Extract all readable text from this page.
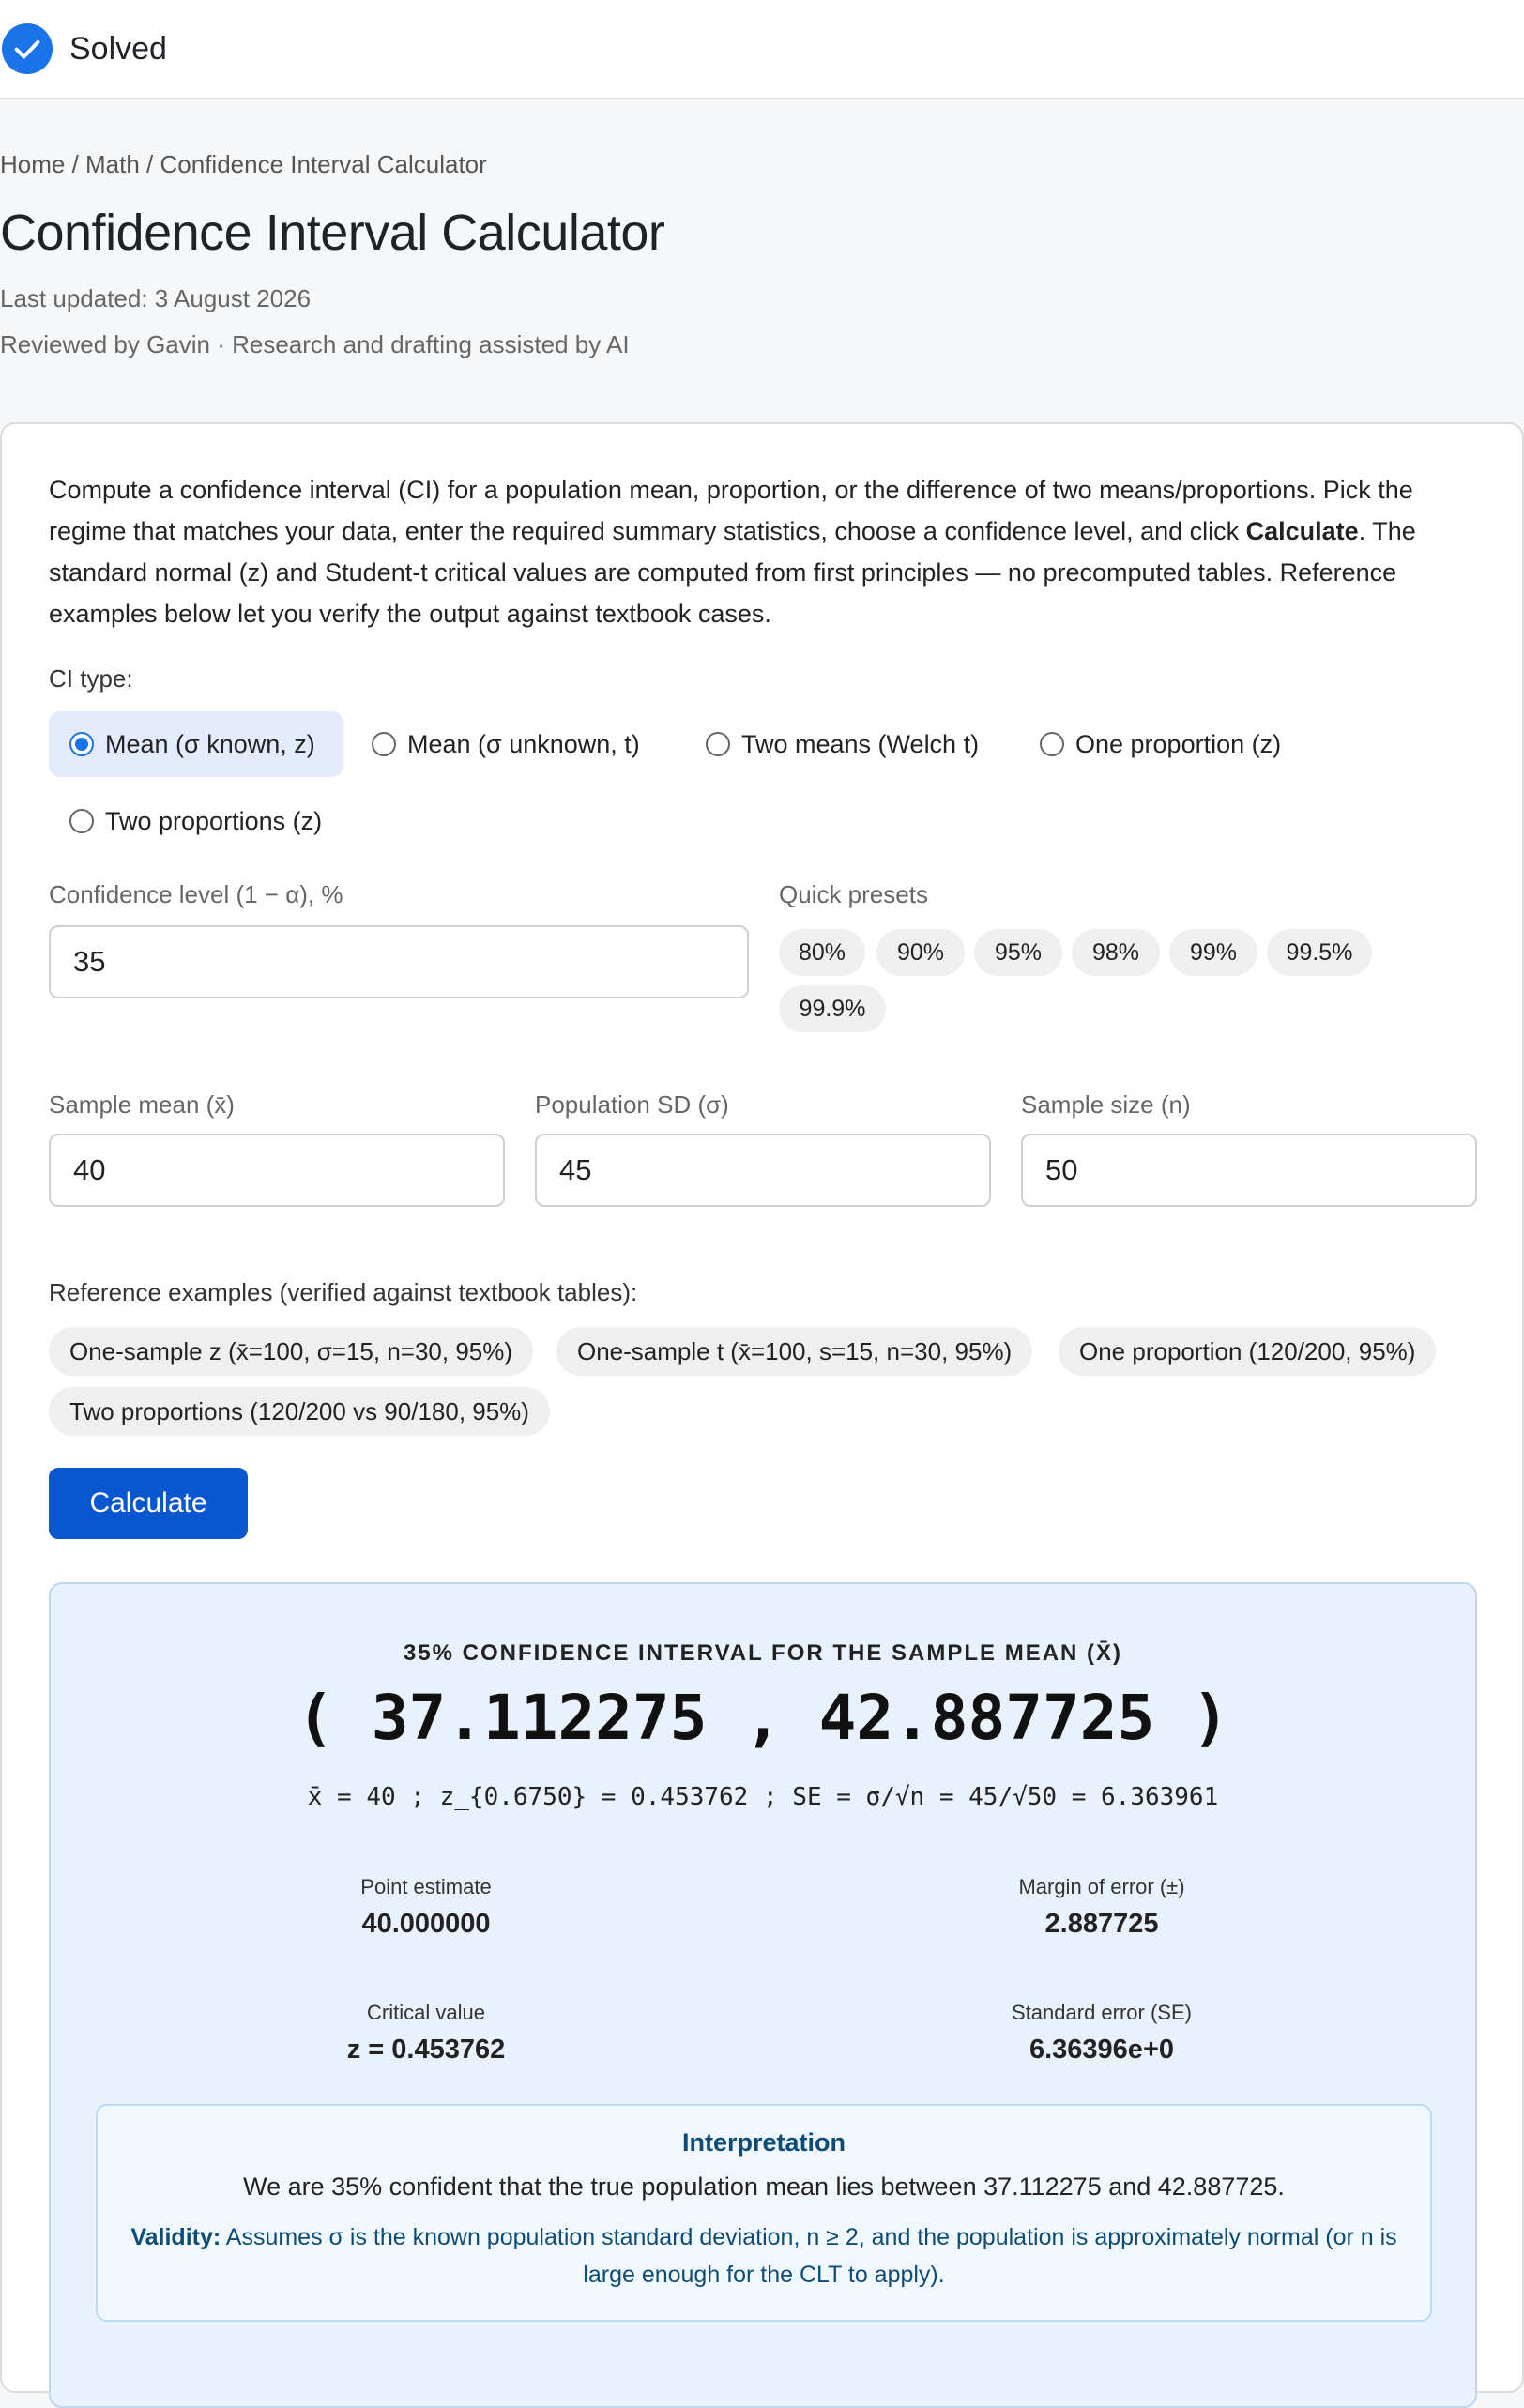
Solved
Home / Math / Confidence Interval Calculator
Confidence Interval Calculator
Last updated: 3 August 2026
Reviewed by Gavin · Research and drafting assisted by AI

Compute a confidence interval (CI) for a population mean, proportion, or the difference of two means/proportions. Pick the regime that matches your data, enter the required summary statistics, choose a confidence level, and click Calculate. The standard normal (z) and Student-t critical values are computed from first principles — no precomputed tables. Reference examples below let you verify the output against textbook cases.

CI type:
Mean (σ known, z)	Mean (σ unknown, t)	Two means (Welch t)	One proportion (z)
Two proportions (z)
Confidence level (1 − α), %
35	Quick presets
80%	90%	95%	98%	99%	99.5%
99.9%
Sample mean (x̄)
40	Population SD (σ)
45	Sample size (n)
50
Reference examples (verified against textbook tables):
One-sample z (x̄=100, σ=15, n=30, 95%)	One-sample t (x̄=100, s=15, n=30, 95%)	One proportion (120/200, 95%)
Two proportions (120/200 vs 90/180, 95%)
Calculate
35% CONFIDENCE INTERVAL FOR THE SAMPLE MEAN (X̄)
( 37.112275 , 42.887725 )
x̄ = 40 ; z_{0.6750} = 0.453762 ; SE = σ/√n = 45/√50 = 6.363961
Point estimate
40.000000
Margin of error (±)
2.887725
Critical value
z = 0.453762
Standard error (SE)
6.36396e+0
Interpretation
We are 35% confident that the true population mean lies between 37.112275 and 42.887725.
Validity: Assumes σ is the known population standard deviation, n ≥ 2, and the population is approximately normal (or n is large enough for the CLT to apply).
